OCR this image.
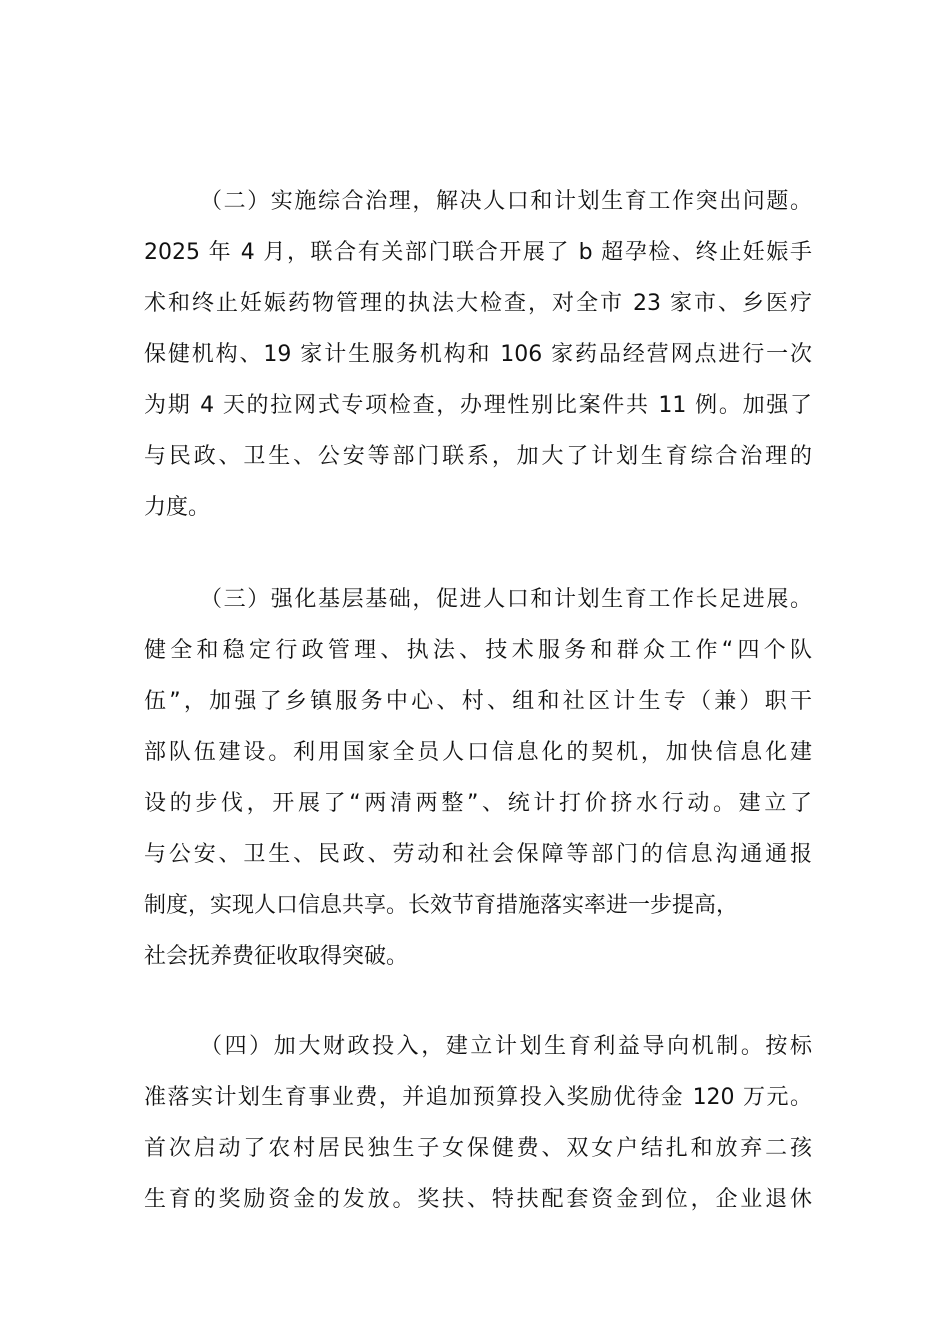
（二）实施综合治理，解决人口和计划生育工作突出问题。
2025 年 4 月，联合有关部门联合开展了 b 超孕检、终止妊娠手
术和终止妊娠药物管理的执法大检查，对全市 23 家市、乡医疗
保健机构、19 家计生服务机构和 106 家药品经营网点进行一次
为期 4 天的拉网式专项检查，办理性别比案件共 11 例。加强了
与民政、卫生、公安等部门联系，加大了计划生育综合治理的
力度。
（三）强化基层基础，促进人口和计划生育工作长足进展。
健全和稳定行政管理、执法、技术服务和群众工作“四个队
伍”，加强了乡镇服务中心、村、组和社区计生专（兼）职干
部队伍建设。利用国家全员人口信息化的契机，加快信息化建
设的步伐，开展了“两清两整”、统计打价挤水行动。建立了
与公安、卫生、民政、劳动和社会保障等部门的信息沟通通报
制度，实现人口信息共享。长效节育措施落实率进一步提高，
社会抚养费征收取得突破。
（四）加大财政投入，建立计划生育利益导向机制。按标
准落实计划生育事业费，并追加预算投入奖励优待金 120 万元。
首次启动了农村居民独生子女保健费、双女户结扎和放弃二孩
生育的奖励资金的发放。奖扶、特扶配套资金到位，企业退休
